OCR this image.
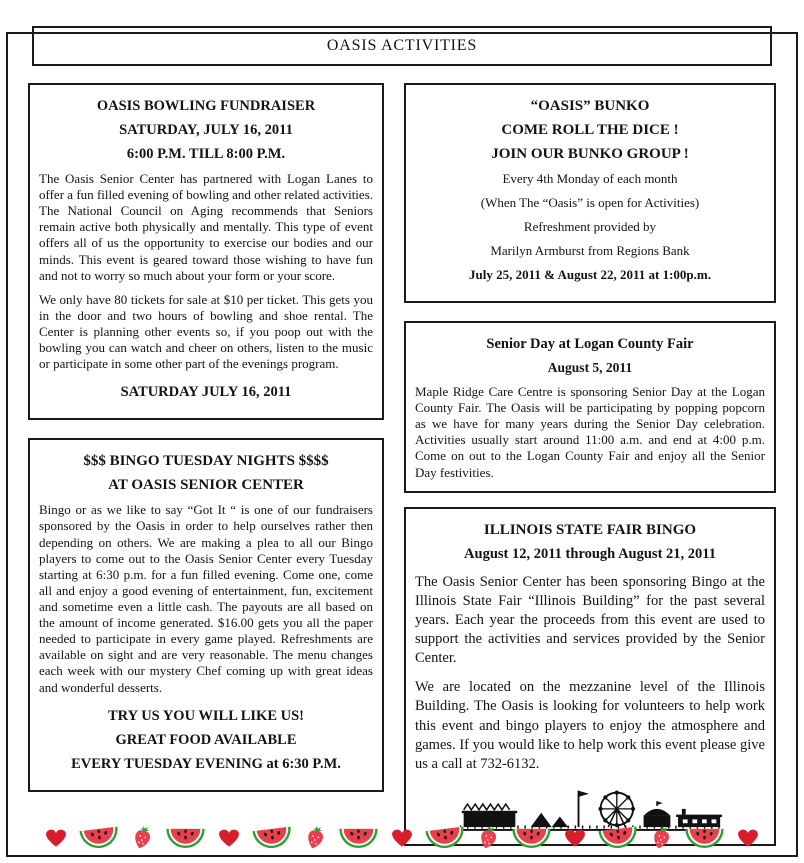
OASIS ACTIVITIES
OASIS BOWLING FUNDRAISER
SATURDAY, JULY 16, 2011
6:00 P.M. TILL 8:00 P.M.

The Oasis Senior Center has partnered with Logan Lanes to offer a fun filled evening of bowling and other related activities. The National Council on Aging recommends that Seniors remain active both physically and mentally. This type of event offers all of us the opportunity to exercise our bodies and our minds. This event is geared toward those wishing to have fun and not to worry so much about your form or your score.

We only have 80 tickets for sale at $10 per ticket. This gets you in the door and two hours of bowling and shoe rental. The Center is planning other events so, if you poop out with the bowling you can watch and cheer on others, listen to the music or participate in some other part of the evenings program.

SATURDAY JULY 16, 2011
$$$ BINGO TUESDAY NIGHTS $$$$
AT OASIS SENIOR CENTER

Bingo or as we like to say “Got It “ is one of our fundraisers sponsored by the Oasis in order to help ourselves rather then depending on others. We are making a plea to all our Bingo players to come out to the Oasis Senior Center every Tuesday starting at 6:30 p.m. for a fun filled evening. Come one, come all and enjoy a good evening of entertainment, fun, excitement and sometime even a little cash. The payouts are all based on the amount of income generated. $16.00 gets you all the paper needed to participate in every game played. Refreshments are available on sight and are very reasonable. The menu changes each week with our mystery Chef coming up with great ideas and wonderful desserts.

TRY US YOU WILL LIKE US!
GREAT FOOD AVAILABLE
EVERY TUESDAY EVENING at 6:30 P.M.
“OASIS” BUNKO
COME ROLL THE DICE !
JOIN OUR BUNKO GROUP !
Every 4th Monday of each month
(When The “Oasis” is open for Activities)
Refreshment provided by
Marilyn Armburst from Regions Bank
July 25, 2011 & August 22, 2011 at 1:00p.m.
Senior Day at Logan County Fair
August 5, 2011

Maple Ridge Care Centre is sponsoring Senior Day at the Logan County Fair. The Oasis will be participating by popping popcorn as we have for many years during the Senior Day celebration. Activities usually start around 11:00 a.m. and end at 4:00 p.m. Come on out to the Logan County Fair and enjoy all the Senior Day festivities.

ILLINOIS STATE FAIR BINGO
August 12, 2011 through August 21, 2011

The Oasis Senior Center has been sponsoring Bingo at the Illinois State Fair “Illinois Building” for the past several years. Each year the proceeds from this event are used to support the activities and services provided by the Senior Center.

We are located on the mezzanine level of the Illinois Building. The Oasis is looking for volunteers to help work this event and bingo players to enjoy the atmosphere and games. If you would like to help work this event please give us a call at 732-6132.
